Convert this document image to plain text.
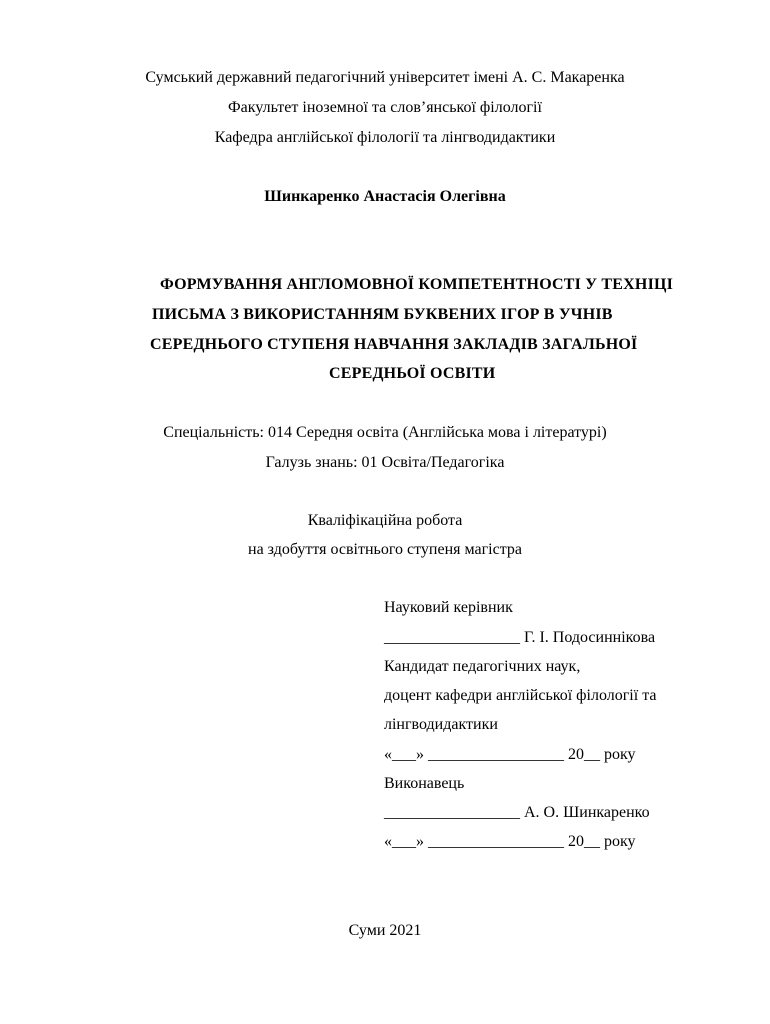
Сумський державний педагогічний університет імені А. С. Макаренка
Факультет іноземної та слов’янської філології
Кафедра англійської філології та лінгводидактики
Шинкаренко Анастасія Олегівна
ФОРМУВАННЯ АНГЛОМОВНОЇ КОМПЕТЕНТНОСТІ У ТЕХНІЦІ
ПИСЬМА З ВИКОРИСТАННЯМ БУКВЕНИХ ІГОР В УЧНІВ
СЕРЕДНЬОГО СТУПЕНЯ НАВЧАННЯ ЗАКЛАДІВ ЗАГАЛЬНОЇ
СЕРЕДНЬОЇ ОСВІТИ
Спеціальність: 014 Середня освіта (Англійська мова і літературі)
Галузь знань: 01 Освіта/Педагогіка
Кваліфікаційна робота
на здобуття освітнього ступеня магістра
Науковий керівник
_________________ Г. І. Подосиннікова
Кандидат педагогічних наук,
доцент кафедри англійської філології та
лінгводидактики
«___» _________________ 20__ року
Виконавець
_________________ А. О. Шинкаренко
«___» _________________ 20__ року
Суми 2021
